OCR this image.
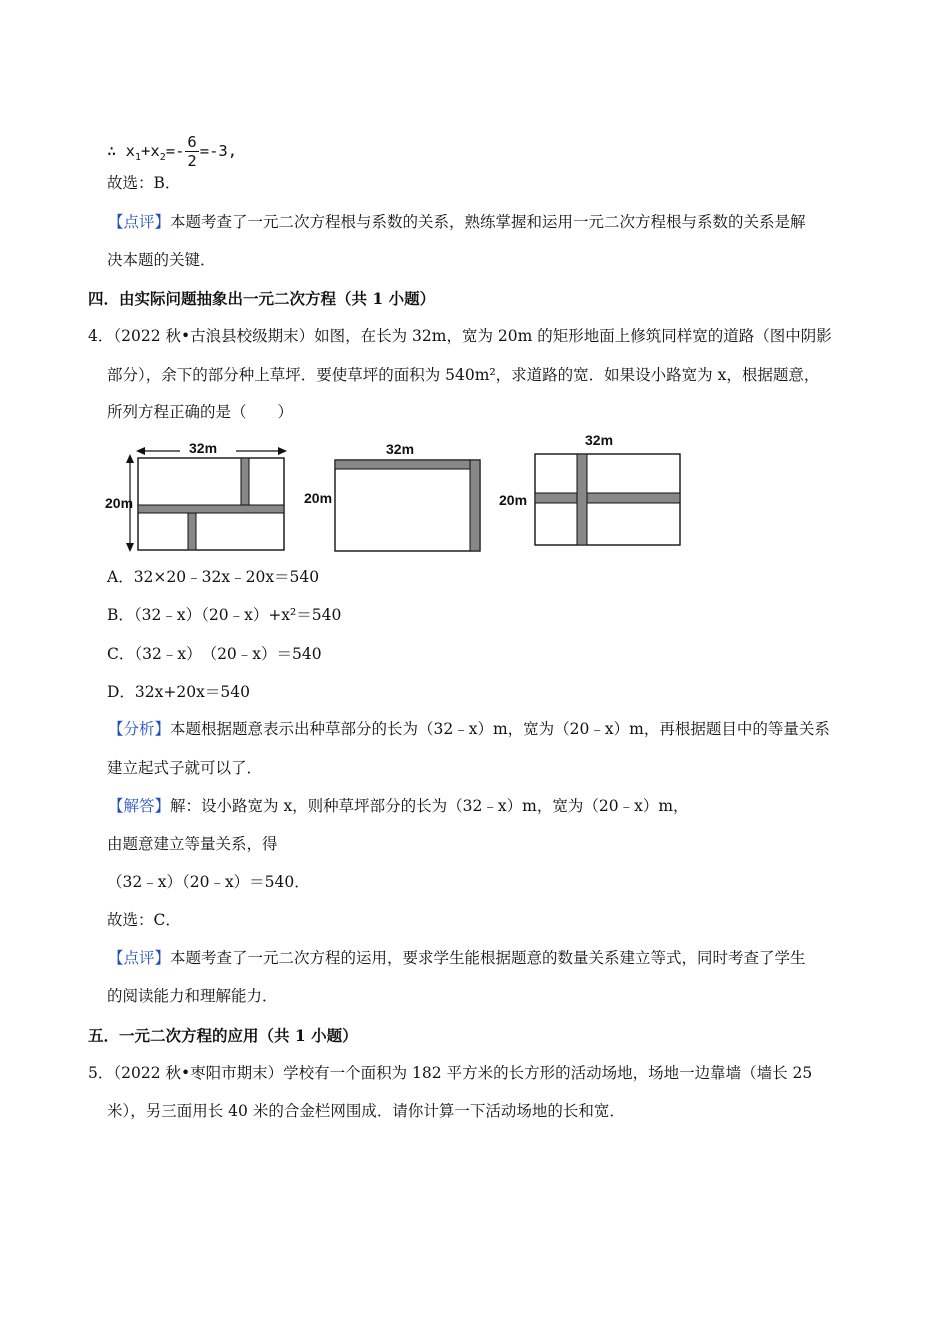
∴ $x_1+x_2=- \frac{6}{2} =-3$,
故选：B．
【点评】本题考查了一元二次方程根与系数的关系，熟练掌握和运用一元二次方程根与系数的关系是解
决本题的关键．
四．由实际问题抽象出一元二次方程（共 1 小题）
4．（2022 秋•古浪县校级期末）如图，在长为 32m，宽为 20m 的矩形地面上修筑同样宽的道路（图中阴影
部分），余下的部分种上草坪．要使草坪的面积为 540m²，求道路的宽．如果设小路宽为 x，根据题意，
所列方程正确的是（　　）
32m
20m
32m
20m
32m
20m
A．32×20﹣32x﹣20x＝540
B．（32﹣x）（20﹣x）+x²＝540
C．（32﹣x）　（20﹣x）＝540
D．32x+20x＝540
【分析】本题根据题意表示出种草部分的长为（32﹣x）m，宽为（20﹣x）m，再根据题目中的等量关系
建立起式子就可以了．
【解答】解：设小路宽为 x，则种草坪部分的长为（32﹣x）m，宽为（20﹣x）m，
由题意建立等量关系，得
（32﹣x）（20﹣x）＝540．
故选：C．
【点评】本题考查了一元二次方程的运用，要求学生能根据题意的数量关系建立等式，同时考查了学生
的阅读能力和理解能力．
五．一元二次方程的应用（共 1 小题）
5．（2022 秋•枣阳市期末）学校有一个面积为 182 平方米的长方形的活动场地，场地一边靠墙（墙长 25
米），另三面用长 40 米的合金栏网围成．请你计算一下活动场地的长和宽．
